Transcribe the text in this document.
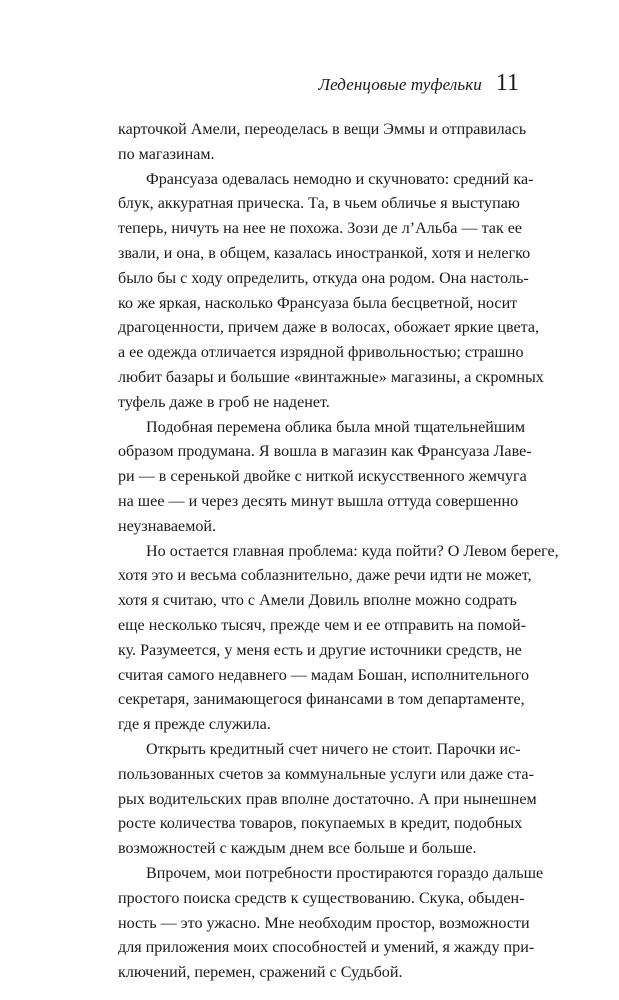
Леденцовые туфельки 11
карточкой Амели, переоделась в вещи Эммы и отправилась
по магазинам.
Франсуаза одевалась немодно и скучновато: средний ка-
блук, аккуратная прическа. Та, в чьем обличье я выступаю
теперь, ничуть на нее не похожа. Зози де л’Альба — так ее
звали, и она, в общем, казалась иностранкой, хотя и нелегко
было бы с ходу определить, откуда она родом. Она настоль-
ко же яркая, насколько Франсуаза была бесцветной, носит
драгоценности, причем даже в волосах, обожает яркие цвета,
а ее одежда отличается изрядной фривольностью; страшно
любит базары и большие «винтажные» магазины, а скромных
туфель даже в гроб не наденет.
Подобная перемена облика была мной тщательнейшим
образом продумана. Я вошла в магазин как Франсуаза Лаве-
ри — в серенькой двойке с ниткой искусственного жемчуга
на шее — и через десять минут вышла оттуда совершенно
неузнаваемой.
Но остается главная проблема: куда пойти? О Левом береге,
хотя это и весьма соблазнительно, даже речи идти не может,
хотя я считаю, что с Амели Довиль вполне можно содрать
еще несколько тысяч, прежде чем и ее отправить на помой-
ку. Разумеется, у меня есть и другие источники средств, не
считая самого недавнего — мадам Бошан, исполнительного
секретаря, занимающегося финансами в том департаменте,
где я прежде служила.
Открыть кредитный счет ничего не стоит. Парочки ис-
пользованных счетов за коммунальные услуги или даже ста-
рых водительских прав вполне достаточно. А при нынешнем
росте количества товаров, покупаемых в кредит, подобных
возможностей с каждым днем все больше и больше.
Впрочем, мои потребности простираются гораздо дальше
простого поиска средств к существованию. Скука, обыден-
ность — это ужасно. Мне необходим простор, возможности
для приложения моих способностей и умений, я жажду при-
ключений, перемен, сражений с Судьбой.
